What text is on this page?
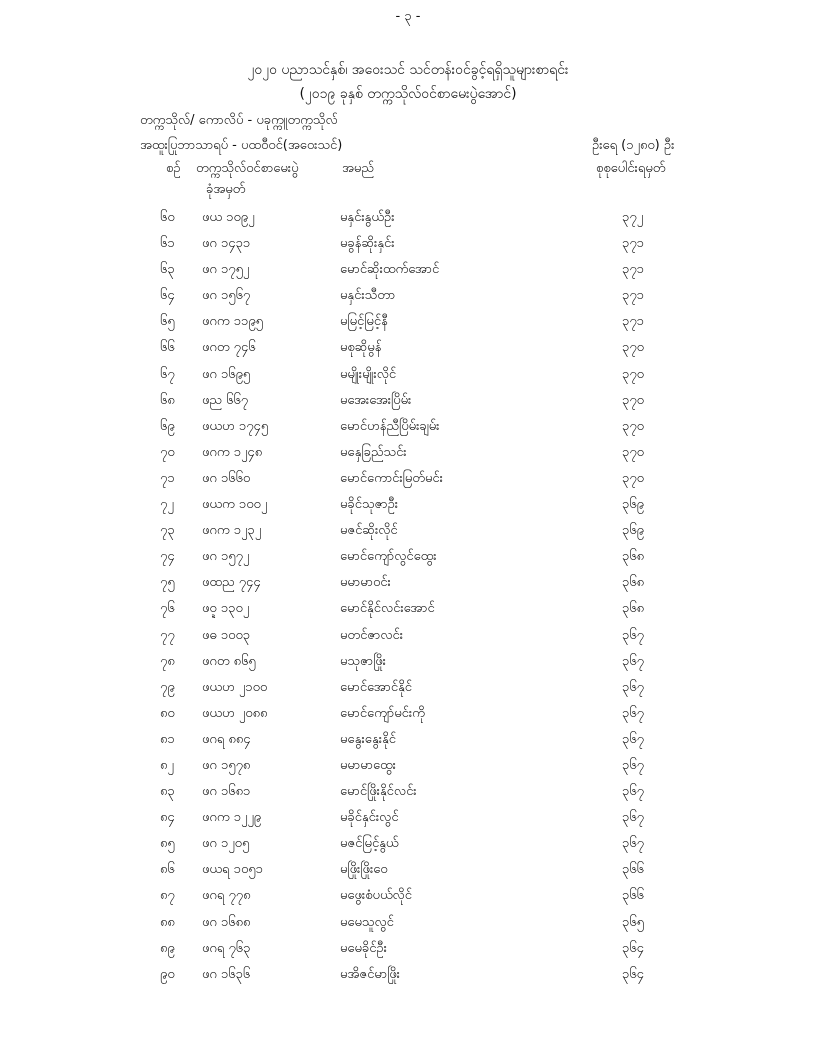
- ၃ -
၂၀၂၀ ပညာသင်နှစ်၊ အဝေးသင် သင်တန်းဝင်ခွင့်ရရှိသူများစာရင်း
(၂၀၁၉ ခုနှစ် တက္ကသိုလ်ဝင်စာမေးပွဲအောင်)
တက္ကသိုလ်/ ကောလိပ် - ပခုက္ကူတက္ကသိုလ်
အထူးပြုဘာသာရပ် - ပထဝီဝင်(အဝေးသင်)	ဦးရေ (၁၂၈၀) ဦး
စဉ် တက္ကသိုလ်ဝင်စာမေးပွဲ
ခုံအမှတ်
အမည်	စုစုပေါင်းရမှတ်
၆၀ ဖယ ၁၀၉၂	မနှင်းနွယ်ဦး	၃၇၂
၆၁ ဖဂ ၁၄၃၁	မခွန်ဆိုးနှင်း	၃၇၁
၆၃ ဖဂ ၁၇၅၂	မောင်ဆိုးထက်အောင်	၃၇၁
၆၄ ဖဂ ၁၅၆၇	မနှင်းသီတာ	၃၇၁
၆၅ ဖဂက ၁၁၉၅	မမြင့်မြင့်နီ	၃၇၁
၆၆ ဖဂတ ၇၄၆	မစုဆိုမွန်	၃၇၀
၆၇ ဖဂ ၁၆၉၅	မမျိုးမျိုးလိုင်	၃၇၀
၆၈ ဖည ၆၆၇	မအေးအေးပြိမ်း	၃၇၀
၆၉ ဖယဟ ၁၇၄၅	မောင်ဟန်ညီပြိမ်းချမ်း	၃၇၀
၇၀ ဖဂက ၁၂၄၈	မနှေခြည်သင်း	၃၇၀
၇၁ ဖဂ ၁၆၆၀	မောင်ကောင်းမြတ်မင်း	၃၇၀
၇၂ ဖယက ၁၀၀၂	မခိုင်သုဇာဦး	၃၆၉
၇၃ ဖဂက ၁၂၃၂	မဇင်ဆိုးလိုင်	၃၆၉
၇၄ ဖဂ ၁၅၇၂	မောင်ကျော်လွင်ထွေး	၃၆၈
၇၅ ဖထည ၇၄၄	မမာမာဝင်း	၃၆၈
၇၆ ဖဝ္ဍ ၁၃၀၂	မောင်နိုင်လင်းအောင်	၃၆၈
၇၇ ဖဓ ၁၀၀၃	မတင်ဇာလင်း	၃၆၇
၇၈ ဖဂတ ၈၆၅	မသုဇာဖြိုး	၃၆၇
၇၉ ဖယဟ ၂၁၀၀	မောင်အောင်နိုင်	၃၆၇
၈၀ ဖယဟ ၂၀၈၈	မောင်ကျော်မင်းကို	၃၆၇
၈၁ ဖဂရ ၈၈၄	မနွေးနွေးနိုင်	၃၆၇
၈၂ ဖဂ ၁၅၇၈	မမာမာထွေး	၃၆၇
၈၃ ဖဂ ၁၆၈၁	မောင်ဖြိုးနိုင်လင်း	၃၆၇
၈၄ ဖဂက ၁၂၂၉	မခိုင်နှင်းလွင်	၃၆၇
၈၅ ဖဂ ၁၂၀၅	မဇင်မြင့်နွယ်	၃၆၇
၈၆ ဖယရ ၁၀၅၁	မဖြိုးဖြိုးဝေ	၃၆၆
၈၇ ဖဂရ ၇၇၈	မဖွေးစံပယ်လိုင်	၃၆၆
၈၈ ဖဂ ၁၆၈၈	မမေသူလွင်	၃၆၅
၈၉ ဖဂရ ၇၆၃	မမေခိုင်ဦး	၃၆၄
၉၀ ဖဂ ၁၆၃၆	မအိဇင်မာဖြိုး	၃၆၄
